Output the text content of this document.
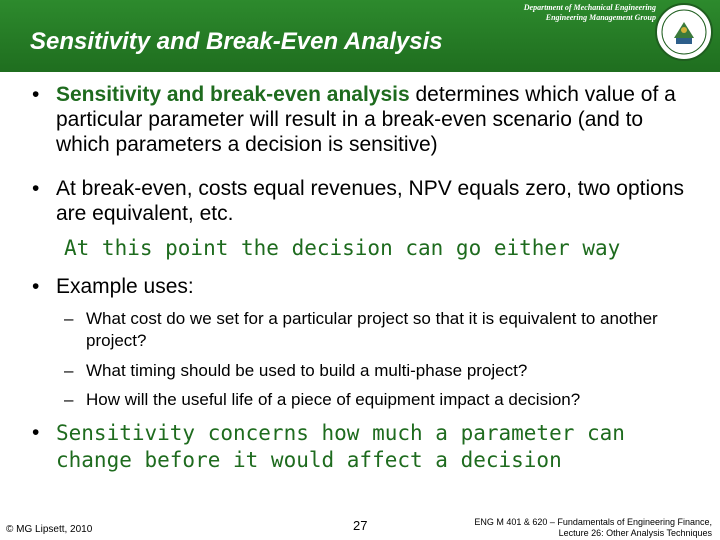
Department of Mechanical Engineering
Engineering Management Group
Sensitivity and Break-Even Analysis
• Sensitivity and break-even analysis determines which value of a particular parameter will result in a break-even scenario (and to which parameters a decision is sensitive)
• At break-even, costs equal revenues, NPV equals zero, two options are equivalent, etc.
At this point the decision can go either way
• Example uses:
– What cost do we set for a particular project so that it is equivalent to another project?
– What timing should be used to build a multi-phase project?
– How will the useful life of a piece of equipment impact a decision?
• Sensitivity concerns how much a parameter can change before it would affect a decision
© MG Lipsett, 2010	27	ENG M 401 & 620 – Fundamentals of Engineering Finance,
Lecture 26: Other Analysis Techniques
